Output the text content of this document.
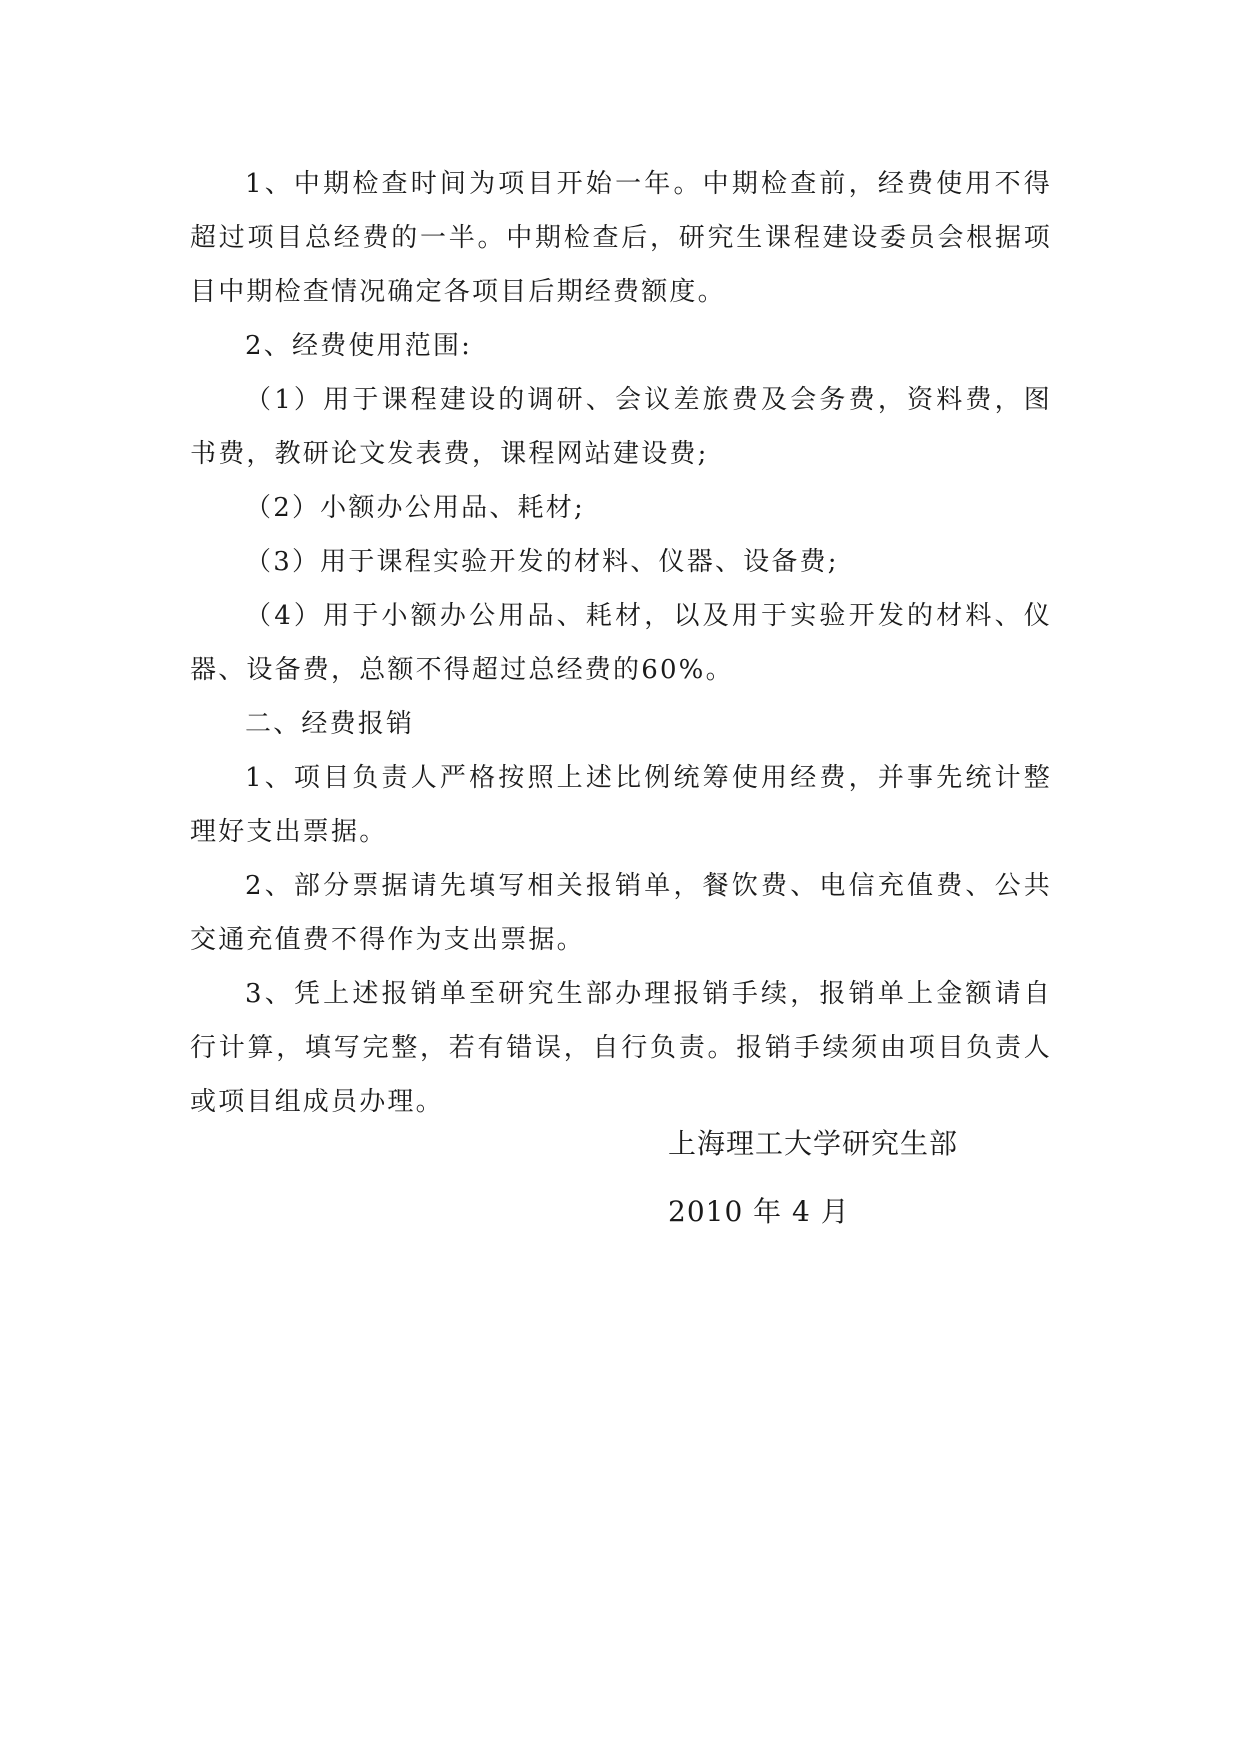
1、中期检查时间为项目开始一年。中期检查前，经费使用不得超过项目总经费的一半。中期检查后，研究生课程建设委员会根据项目中期检查情况确定各项目后期经费额度。

2、经费使用范围:

（1）用于课程建设的调研、会议差旅费及会务费，资料费，图书费，教研论文发表费，课程网站建设费;

（2）小额办公用品、耗材;

（3）用于课程实验开发的材料、仪器、设备费;

（4）用于小额办公用品、耗材，以及用于实验开发的材料、仪器、设备费，总额不得超过总经费的60%。

二、经费报销

1、项目负责人严格按照上述比例统筹使用经费，并事先统计整理好支出票据。

2、部分票据请先填写相关报销单，餐饮费、电信充值费、公共交通充值费不得作为支出票据。

3、凭上述报销单至研究生部办理报销手续，报销单上金额请自行计算，填写完整，若有错误，自行负责。报销手续须由项目负责人或项目组成员办理。

上海理工大学研究生部

2010 年 4 月
